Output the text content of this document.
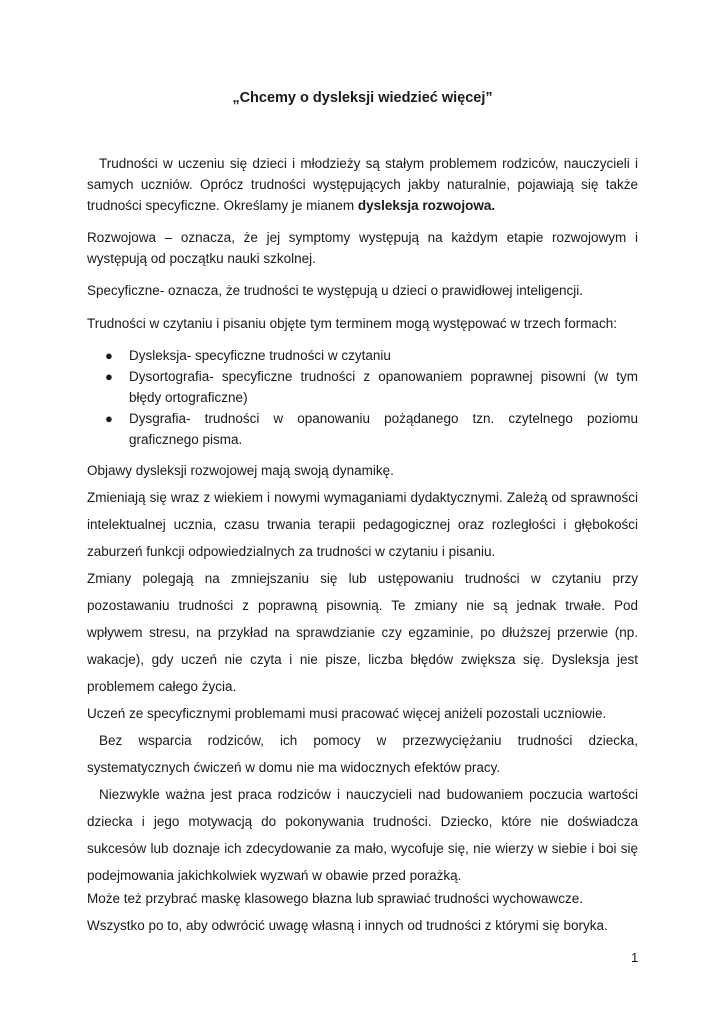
„Chcemy o dysleksji wiedzieć więcej”

Trudności w uczeniu się dzieci i młodzieży są stałym problemem rodziców, nauczycieli i samych uczniów. Oprócz trudności występujących jakby naturalnie, pojawiają się także trudności specyficzne. Określamy je mianem dysleksja rozwojowa.

Rozwojowa – oznacza, że jej symptomy występują na każdym etapie rozwojowym i występują od początku nauki szkolnej.

Specyficzne- oznacza, że trudności te występują u dzieci o prawidłowej inteligencji.

Trudności w czytaniu i pisaniu objęte tym terminem mogą występować w trzech formach:

● Dysleksja- specyficzne trudności w czytaniu
● Dysortografia- specyficzne trudności z opanowaniem poprawnej pisowni (w tym błędy ortograficzne)
● Dysgrafia- trudności w opanowaniu pożądanego tzn. czytelnego poziomu graficznego pisma.

Objawy dysleksji rozwojowej mają swoją dynamikę.

Zmieniają się wraz z wiekiem i nowymi wymaganiami dydaktycznymi. Zależą od sprawności intelektualnej ucznia, czasu trwania terapii pedagogicznej oraz rozległości i głębokości zaburzeń funkcji odpowiedzialnych za trudności w czytaniu i pisaniu.

Zmiany polegają na zmniejszaniu się lub ustępowaniu trudności w czytaniu przy pozostawaniu trudności z poprawną pisownią. Te zmiany nie są jednak trwałe. Pod wpływem stresu, na przykład na sprawdzianie czy egzaminie, po dłuższej przerwie (np. wakacje), gdy uczeń nie czyta i nie pisze, liczba błędów zwiększa się. Dysleksja jest problemem całego życia.

Uczeń ze specyficznymi problemami musi pracować więcej aniżeli pozostali uczniowie.

Bez wsparcia rodziców, ich pomocy w przezwyciężaniu trudności dziecka, systematycznych ćwiczeń w domu nie ma widocznych efektów pracy.

Niezwykle ważna jest praca rodziców i nauczycieli nad budowaniem poczucia wartości dziecka i jego motywacją do pokonywania trudności. Dziecko, które nie doświadcza sukcesów lub doznaje ich zdecydowanie za mało, wycofuje się, nie wierzy w siebie i boi się podejmowania jakichkolwiek wyzwań w obawie przed porażką.

Może też przybrać maskę klasowego błazna lub sprawiać trudności wychowawcze.

Wszystko po to, aby odwrócić uwagę własną i innych od trudności z którymi się boryka.

1
